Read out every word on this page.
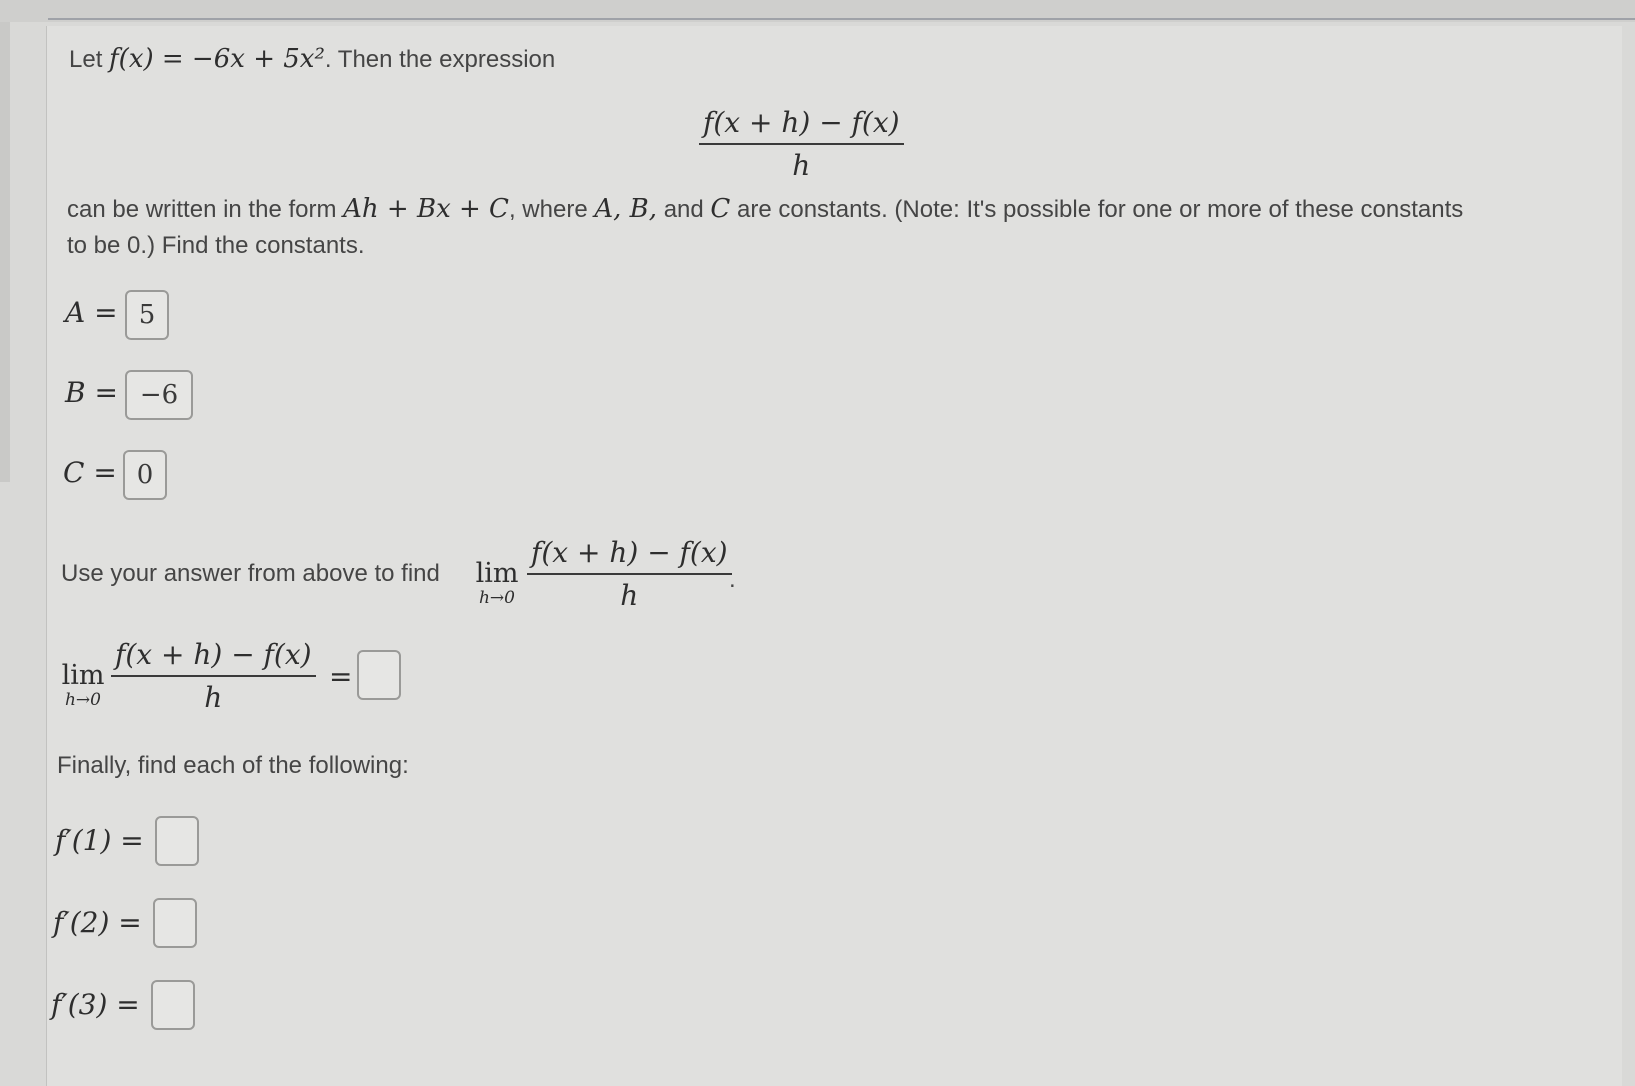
Let f(x) = −6x + 5x². Then the expression
$\frac{f(x + h) - f(x)}{h}$
can be written in the form Ah + Bx + C, where A, B, and C are constants. (Note: It's possible for one or more of these constants
to be 0.) Find the constants.
A = 5
B = −6
C = 0
Use your answer from above to find lim
$h\to 0 \frac{f(x + h) - f(x)}{h}$
.
lim
$h\to 0 \frac{f(x + h) - f(x)}{h}$ =
Finally, find each of the following:
f′(1) =
f′(2) =
f′(3) =
